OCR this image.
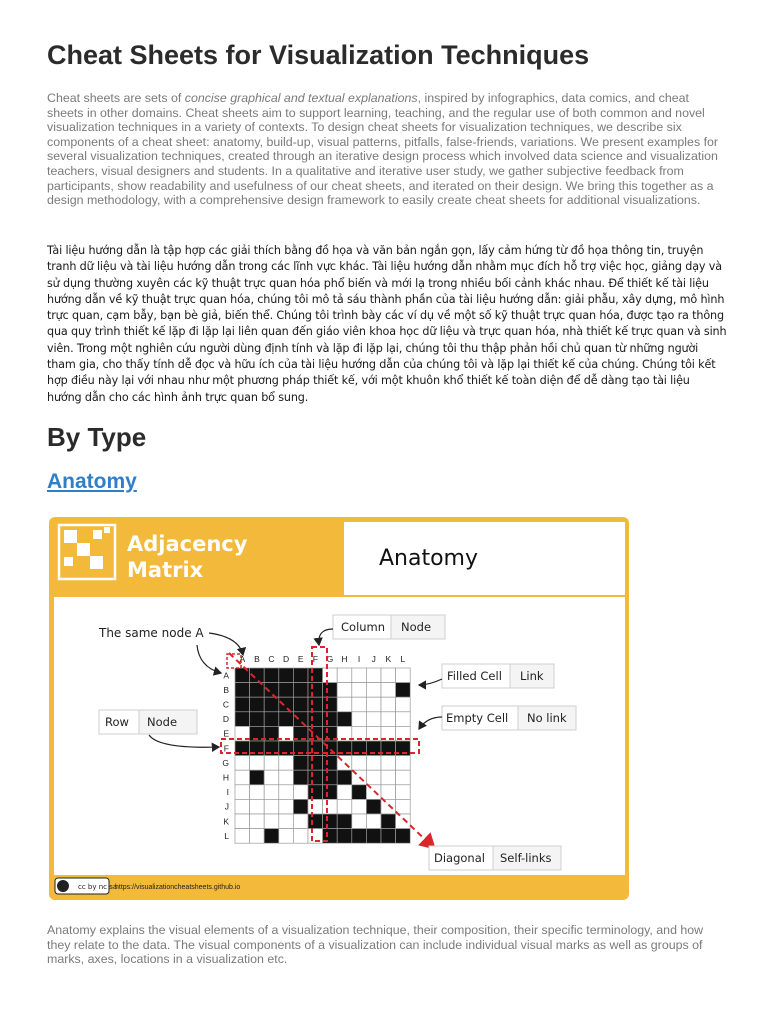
Cheat Sheets for Visualization Techniques

Cheat sheets are sets of concise graphical and textual explanations, inspired by infographics, data comics, and cheat sheets in other domains. Cheat sheets aim to support learning, teaching, and the regular use of both common and novel visualization techniques in a variety of contexts. To design cheat sheets for visualization techniques, we describe six components of a cheat sheet: anatomy, build-up, visual patterns, pitfalls, false-friends, variations. We present examples for several visualization techniques, created through an iterative design process which involved data science and visualization teachers, visual designers and students. In a qualitative and iterative user study, we gather subjective feedback from participants, show readability and usefulness of our cheat sheets, and iterated on their design. We bring this together as a design methodology, with a comprehensive design framework to easily create cheat sheets for additional visualizations.

Tài liệu hướng dẫn là tập hợp các giải thích bằng đồ họa và văn bản ngắn gọn, lấy cảm hứng từ đồ họa thông tin, truyện tranh dữ liệu và tài liệu hướng dẫn trong các lĩnh vực khác. Tài liệu hướng dẫn nhằm mục đích hỗ trợ việc học, giảng dạy và sử dụng thường xuyên các kỹ thuật trực quan hóa phổ biến và mới lạ trong nhiều bối cảnh khác nhau. Để thiết kế tài liệu hướng dẫn về kỹ thuật trực quan hóa, chúng tôi mô tả sáu thành phần của tài liệu hướng dẫn: giải phẫu, xây dựng, mô hình trực quan, cạm bẫy, bạn bè giả, biến thể. Chúng tôi trình bày các ví dụ về một số kỹ thuật trực quan hóa, được tạo ra thông qua quy trình thiết kế lặp đi lặp lại liên quan đến giáo viên khoa học dữ liệu và trực quan hóa, nhà thiết kế trực quan và sinh viên. Trong một nghiên cứu người dùng định tính và lặp đi lặp lại, chúng tôi thu thập phản hồi chủ quan từ những người tham gia, cho thấy tính dễ đọc và hữu ích của tài liệu hướng dẫn của chúng tôi và lặp lại thiết kế của chúng. Chúng tôi kết hợp điều này lại với nhau như một phương pháp thiết kế, với một khuôn khổ thiết kế toàn diện để dễ dàng tạo tài liệu hướng dẫn cho các hình ảnh trực quan bổ sung.

By Type
Anatomy
Adjacency
Matrix	Anatomy
A B C D E F G H I J K L
A
B
C
D
E
F
G
H
I
J
K
L
The same node A	Column Node
Row Node
Filled Cell Link
Empty Cell No link
Diagonal Self-links
cc by nc sa
https://visualizationcheatsheets.github.io

Anatomy explains the visual elements of a visualization technique, their composition, their specific terminology, and how they relate to the data. The visual components of a visualization can include individual visual marks as well as groups of marks, axes, locations in a visualization etc.
